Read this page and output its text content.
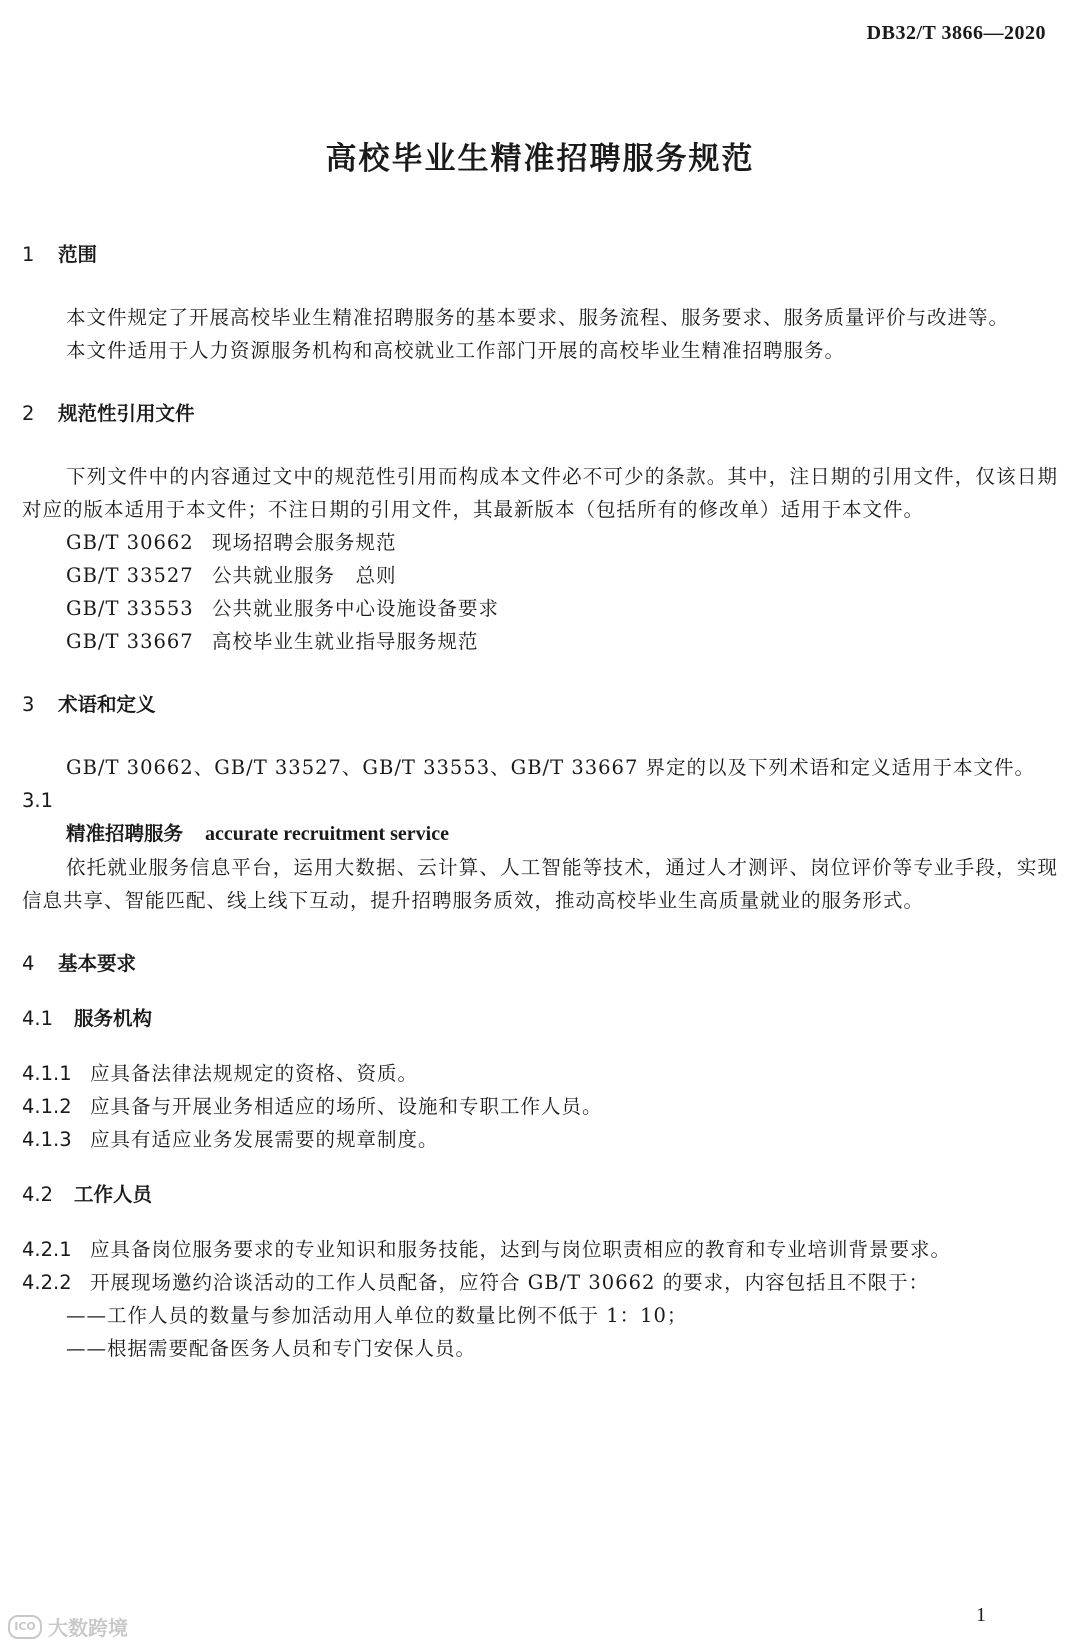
DB32/T 3866—2020
高校毕业生精准招聘服务规范
1 范围
本文件规定了开展高校毕业生精准招聘服务的基本要求、服务流程、服务要求、服务质量评价与改进等。
本文件适用于人力资源服务机构和高校就业工作部门开展的高校毕业生精准招聘服务。
2 规范性引用文件
下列文件中的内容通过文中的规范性引用而构成本文件必不可少的条款。其中，注日期的引用文件，仅该日期对应的版本适用于本文件；不注日期的引用文件，其最新版本（包括所有的修改单）适用于本文件。
GB/T 30662 现场招聘会服务规范
GB/T 33527 公共就业服务　总则
GB/T 33553 公共就业服务中心设施设备要求
GB/T 33667 高校毕业生就业指导服务规范
3 术语和定义
GB/T 30662、GB/T 33527、GB/T 33553、GB/T 33667 界定的以及下列术语和定义适用于本文件。
3.1
精准招聘服务 accurate recruitment service
依托就业服务信息平台，运用大数据、云计算、人工智能等技术，通过人才测评、岗位评价等专业手段，实现信息共享、智能匹配、线上线下互动，提升招聘服务质效，推动高校毕业生高质量就业的服务形式。
4 基本要求
4.1 服务机构
4.1.1 应具备法律法规规定的资格、资质。
4.1.2 应具备与开展业务相适应的场所、设施和专职工作人员。
4.1.3 应具有适应业务发展需要的规章制度。
4.2 工作人员
4.2.1 应具备岗位服务要求的专业知识和服务技能，达到与岗位职责相应的教育和专业培训背景要求。
4.2.2 开展现场邀约洽谈活动的工作人员配备，应符合 GB/T 30662 的要求，内容包括且不限于：
——工作人员的数量与参加活动用人单位的数量比例不低于 1：10；
——根据需要配备医务人员和专门安保人员。
ICO 大数跨境
1
